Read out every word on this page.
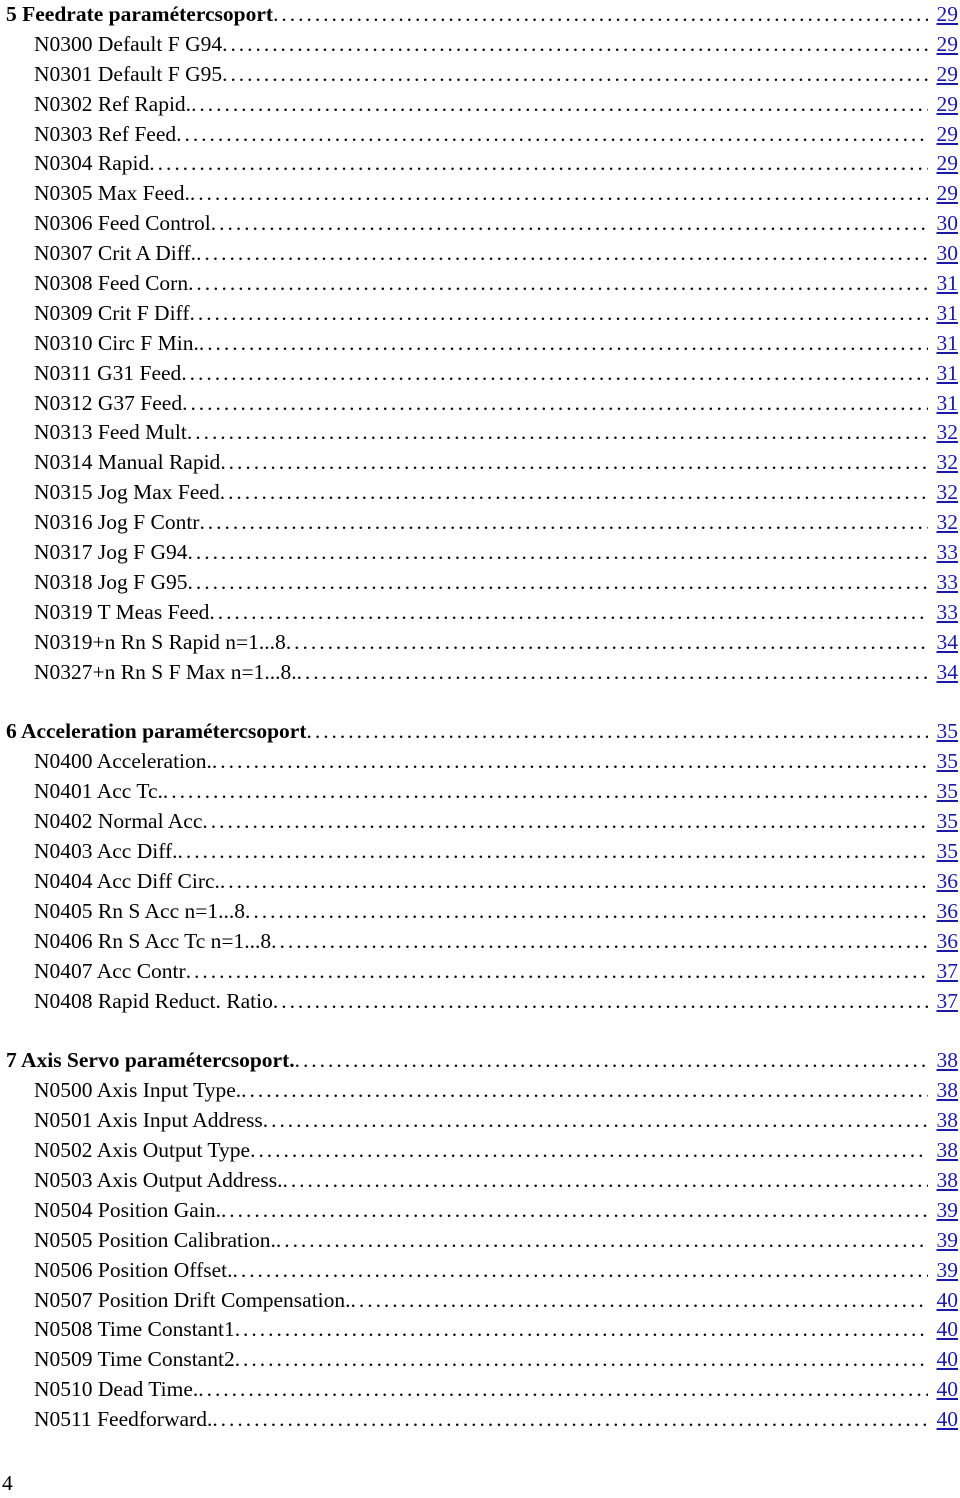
5 Feedrate paramétercsoport . . .	29
N0300 Default F G94 . . .	29
N0301 Default F G95 . . .	29
N0302 Ref Rapid. . . .	29
N0303 Ref Feed . . .	29
N0304 Rapid . . .	29
N0305 Max Feed. . . .	29
N0306 Feed Control . . .	30
N0307 Crit A Diff. . . .	30
N0308 Feed Corn . . .	31
N0309 Crit F Diff . . .	31
N0310 Circ F Min. . . .	31
N0311 G31 Feed . . .	31
N0312 G37 Feed . . .	31
N0313 Feed Mult . . .	32
N0314 Manual Rapid . . .	32
N0315 Jog Max Feed . . .	32
N0316 Jog F Contr . . .	32
N0317 Jog F G94 . . .	33
N0318 Jog F G95 . . .	33
N0319 T Meas Feed . . .	33
N0319+n Rn S Rapid n=1...8 . . .	34
N0327+n Rn S F Max n=1...8. . . .	34
6 Acceleration paramétercsoport . . .	35
N0400 Acceleration. . . .	35
N0401 Acc Tc. . . .	35
N0402 Normal Acc . . .	35
N0403 Acc Diff. . . .	35
N0404 Acc Diff Circ. . . .	36
N0405 Rn S Acc n=1...8 . . .	36
N0406 Rn S Acc Tc n=1...8 . . .	36
N0407 Acc Contr . . .	37
N0408 Rapid Reduct. Ratio . . .	37
7 Axis Servo paramétercsoport. . . .	38
N0500 Axis Input Type. . . .	38
N0501 Axis Input Address . . .	38
N0502 Axis Output Type . . .	38
N0503 Axis Output Address. . . .	38
N0504 Position Gain. . . .	39
N0505 Position Calibration. . . .	39
N0506 Position Offset. . . .	39
N0507 Position Drift Compensation. . . .	40
N0508 Time Constant1 . . .	40
N0509 Time Constant2 . . .	40
N0510 Dead Time. . . .	40
N0511 Feedforward. . . .	40
4
